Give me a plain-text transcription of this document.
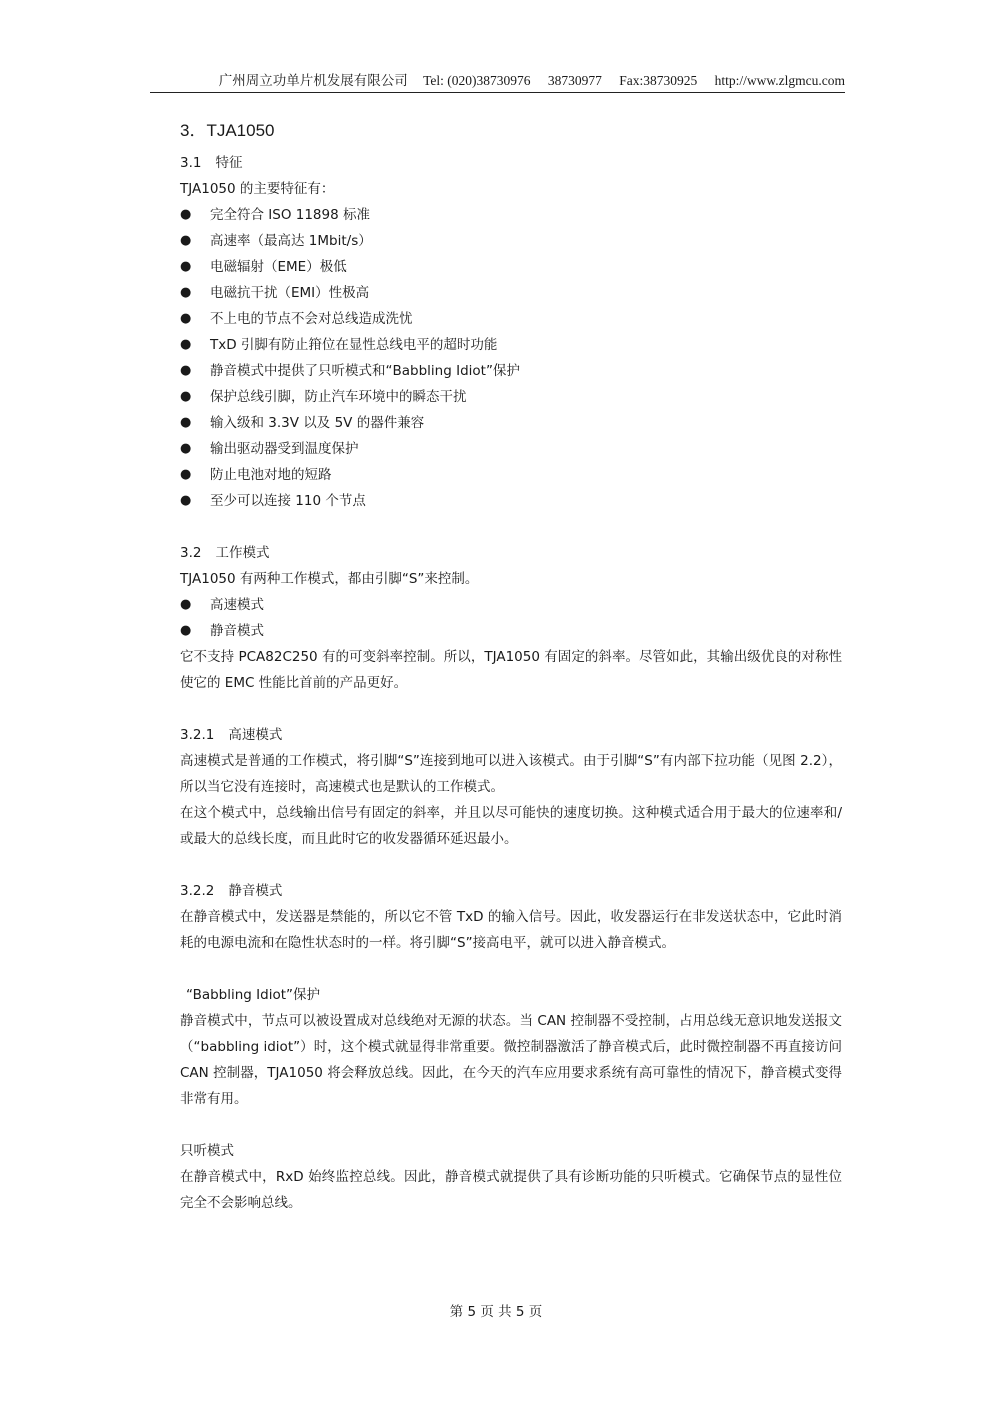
广州周立功单片机发展有限公司 Tel: (020)38730976 38730977 Fax:38730925 http://www.zlgmcu.com
3．TJA1050
3.1 特征

TJA1050 的主要特征有：

● 完全符合 ISO 11898 标准
● 高速率（最高达 1Mbit/s）
● 电磁辐射（EME）极低
● 电磁抗干扰（EMI）性极高
● 不上电的节点不会对总线造成洗忧
● TxD 引脚有防止箝位在显性总线电平的超时功能
● 静音模式中提供了只听模式和“Babbling Idiot”保护
● 保护总线引脚，防止汽车环境中的瞬态干扰
● 输入级和 3.3V 以及 5V 的器件兼容
● 输出驱动器受到温度保护
● 防止电池对地的短路
● 至少可以连接 110 个节点
3.2 工作模式

TJA1050 有两种工作模式，都由引脚“S”来控制。

● 高速模式
● 静音模式

它不支持 PCA82C250 有的可变斜率控制。所以，TJA1050 有固定的斜率。尽管如此，其输出级优良的对称性使它的 EMC 性能比首前的产品更好。

3.2.1 高速模式

高速模式是普通的工作模式，将引脚“S”连接到地可以进入该模式。由于引脚“S”有内部下拉功能（见图 2.2），所以当它没有连接时，高速模式也是默认的工作模式。

在这个模式中，总线输出信号有固定的斜率，并且以尽可能快的速度切换。这种模式适合用于最大的位速率和/或最大的总线长度，而且此时它的收发器循环延迟最小。

3.2.2 静音模式

在静音模式中，发送器是禁能的，所以它不管 TxD 的输入信号。因此，收发器运行在非发送状态中，它此时消耗的电源电流和在隐性状态时的一样。将引脚“S”接高电平，就可以进入静音模式。

“Babbling Idiot”保护

静音模式中，节点可以被设置成对总线绝对无源的状态。当 CAN 控制器不受控制，占用总线无意识地发送报文（“babbling idiot”）时，这个模式就显得非常重要。微控制器激活了静音模式后，此时微控制器不再直接访问 CAN 控制器，TJA1050 将会释放总线。因此，在今天的汽车应用要求系统有高可靠性的情况下，静音模式变得非常有用。

只听模式

在静音模式中，RxD 始终监控总线。因此，静音模式就提供了具有诊断功能的只听模式。它确保节点的显性位完全不会影响总线。

第 5 页 共 5 页
